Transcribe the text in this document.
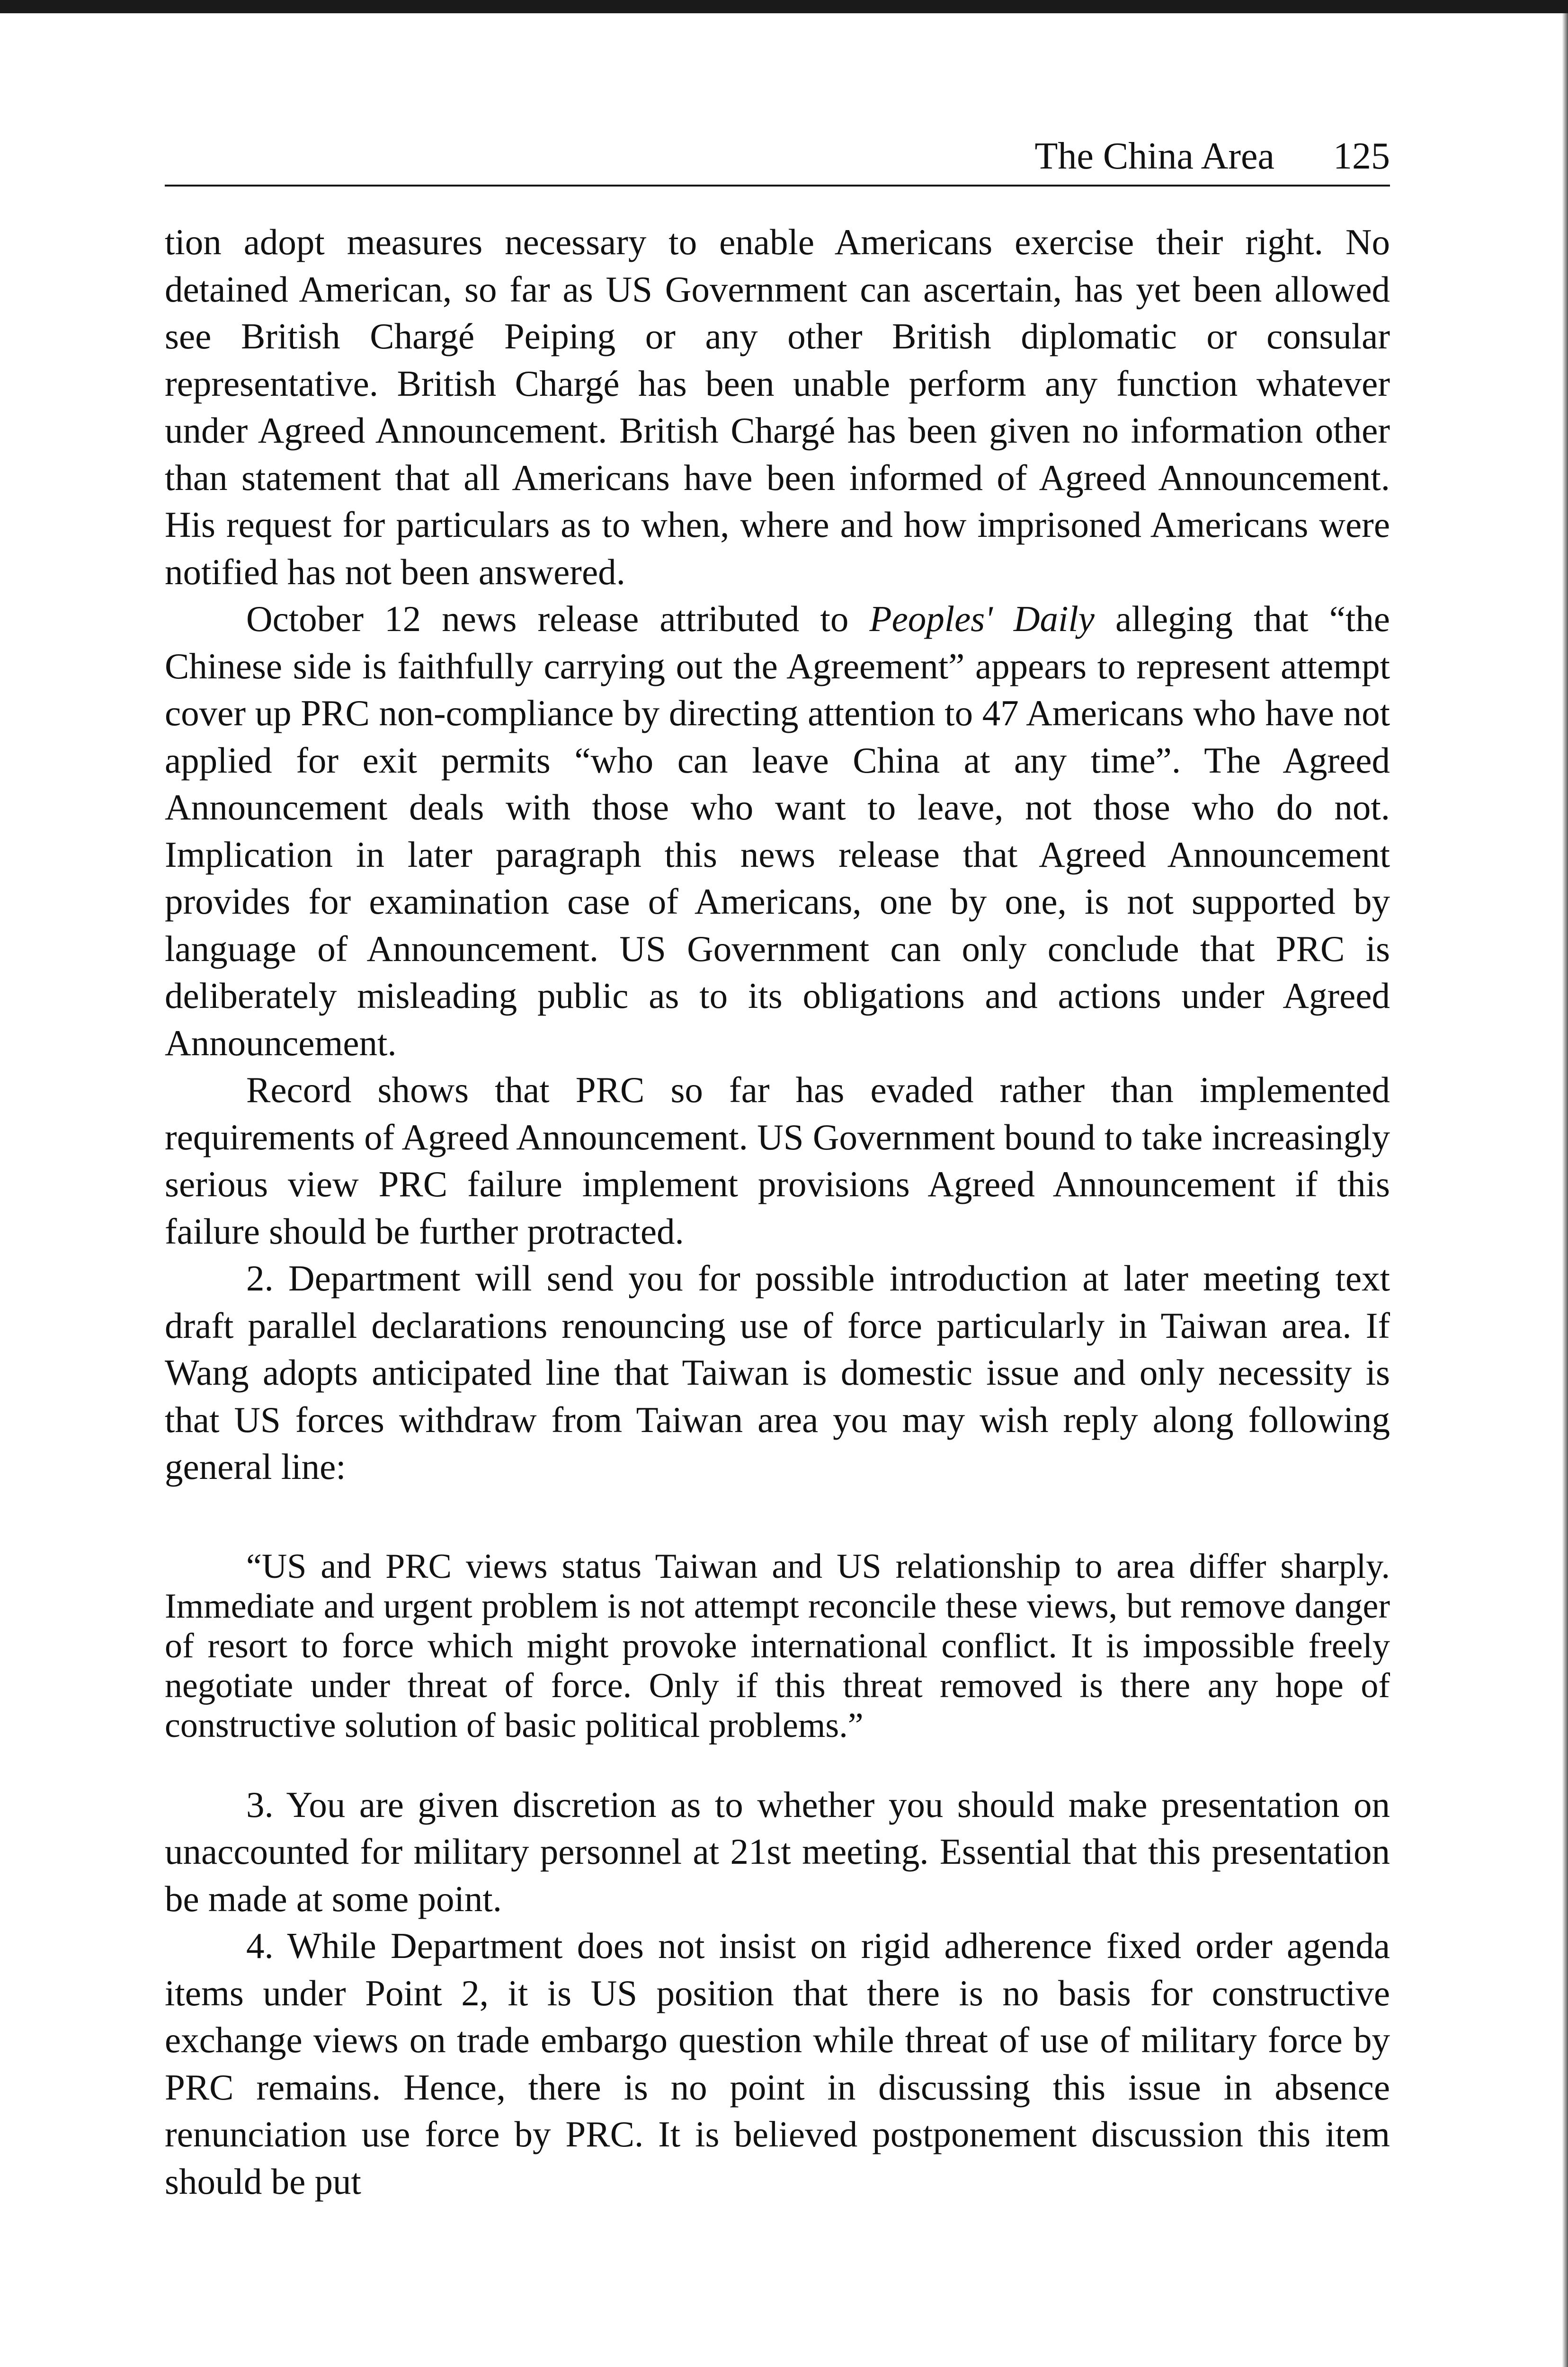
The China Area 125

tion adopt measures necessary to enable Americans exercise their right. No detained American, so far as US Government can ascertain, has yet been allowed see British Chargé Peiping or any other British diplomatic or consular representative. British Chargé has been unable perform any function whatever under Agreed Announcement. British Chargé has been given no information other than statement that all Americans have been informed of Agreed Announcement. His request for particulars as to when, where and how imprisoned Americans were notified has not been answered.

October 12 news release attributed to Peoples' Daily alleging that “the Chinese side is faithfully carrying out the Agreement” appears to represent attempt cover up PRC non-compliance by directing attention to 47 Americans who have not applied for exit permits “who can leave China at any time”. The Agreed Announcement deals with those who want to leave, not those who do not. Implication in later paragraph this news release that Agreed Announcement provides for examination case of Americans, one by one, is not supported by language of Announcement. US Government can only conclude that PRC is deliberately misleading public as to its obligations and actions under Agreed Announcement.

Record shows that PRC so far has evaded rather than implemented requirements of Agreed Announcement. US Government bound to take increasingly serious view PRC failure implement provisions Agreed Announcement if this failure should be further protracted.

2. Department will send you for possible introduction at later meeting text draft parallel declarations renouncing use of force particularly in Taiwan area. If Wang adopts anticipated line that Taiwan is domestic issue and only necessity is that US forces withdraw from Taiwan area you may wish reply along following general line:

“US and PRC views status Taiwan and US relationship to area differ sharply. Immediate and urgent problem is not attempt reconcile these views, but remove danger of resort to force which might provoke international conflict. It is impossible freely negotiate under threat of force. Only if this threat removed is there any hope of constructive solution of basic political problems.”

3. You are given discretion as to whether you should make presentation on unaccounted for military personnel at 21st meeting. Essential that this presentation be made at some point.

4. While Department does not insist on rigid adherence fixed order agenda items under Point 2, it is US position that there is no basis for constructive exchange views on trade embargo question while threat of use of military force by PRC remains. Hence, there is no point in discussing this issue in absence renunciation use force by PRC. It is believed postponement discussion this item should be put
